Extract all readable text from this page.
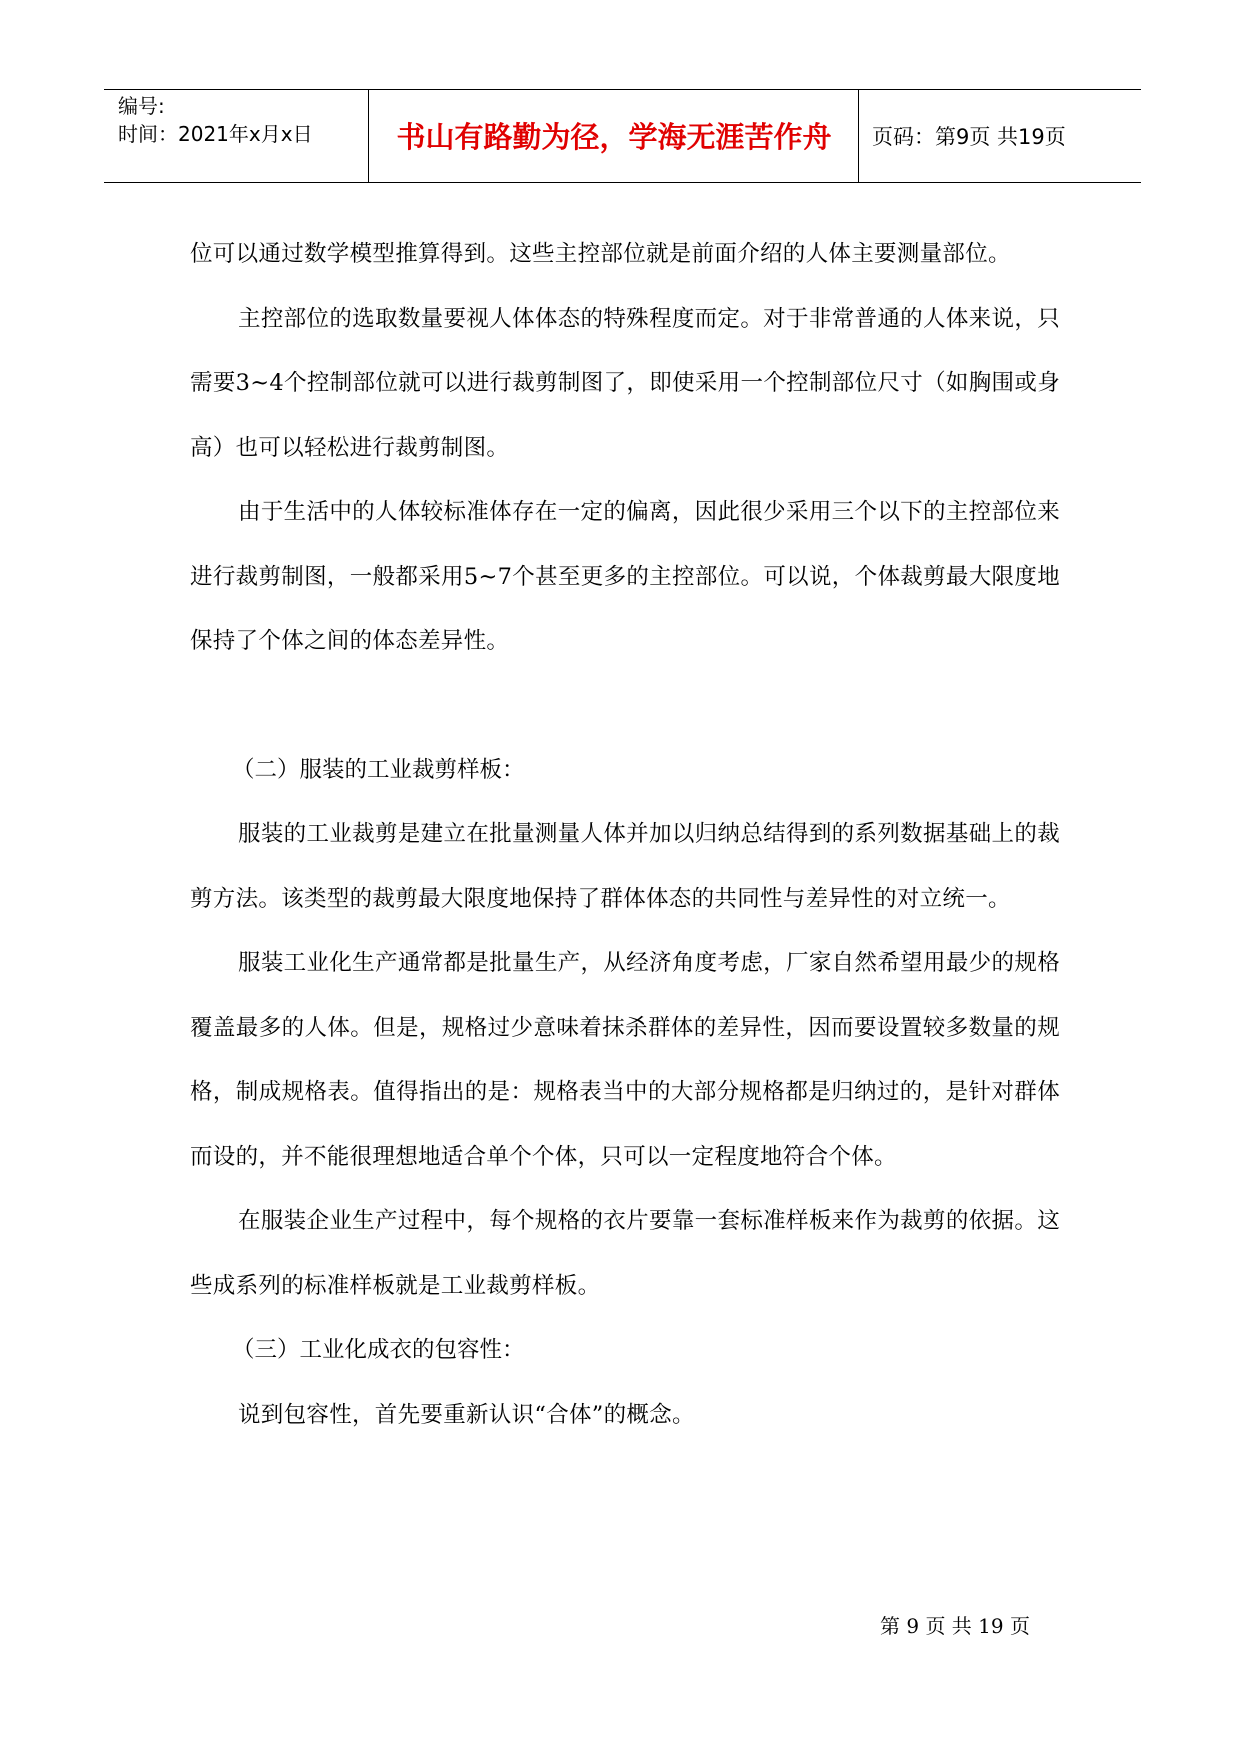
编号:
时间：2021年x月x日	书山有路勤为径，学海无涯苦作舟	页码：第9页 共19页

位可以通过数学模型推算得到。这些主控部位就是前面介绍的人体主要测量部位。

主控部位的选取数量要视人体体态的特殊程度而定。对于非常普通的人体来说，只需要3~4个控制部位就可以进行裁剪制图了，即使采用一个控制部位尺寸（如胸围或身高）也可以轻松进行裁剪制图。

由于生活中的人体较标准体存在一定的偏离，因此很少采用三个以下的主控部位来进行裁剪制图，一般都采用5~7个甚至更多的主控部位。可以说，个体裁剪最大限度地保持了个体之间的体态差异性。

（二）服装的工业裁剪样板：

服装的工业裁剪是建立在批量测量人体并加以归纳总结得到的系列数据基础上的裁剪方法。该类型的裁剪最大限度地保持了群体体态的共同性与差异性的对立统一。

服装工业化生产通常都是批量生产，从经济角度考虑，厂家自然希望用最少的规格覆盖最多的人体。但是，规格过少意味着抹杀群体的差异性，因而要设置较多数量的规格，制成规格表。值得指出的是：规格表当中的大部分规格都是归纳过的，是针对群体而设的，并不能很理想地适合单个个体，只可以一定程度地符合个体。

在服装企业生产过程中，每个规格的衣片要靠一套标准样板来作为裁剪的依据。这些成系列的标准样板就是工业裁剪样板。

（三）工业化成衣的包容性：

说到包容性，首先要重新认识“合体”的概念。

第 9 页 共 19 页
